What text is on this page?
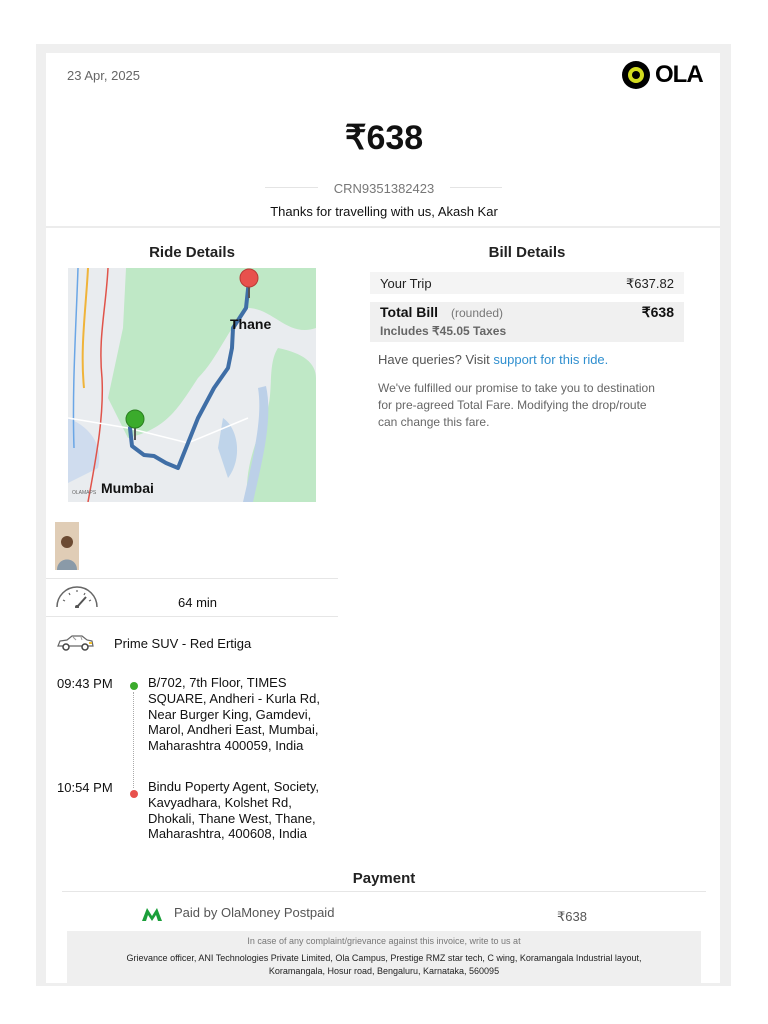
23 Apr, 2025	OLA
₹638
CRN9351382423
Thanks for travelling with us, Akash Kar
Ride Details
Thane
Mumbai
OLAMAPS
64 min
Prime SUV - Red Ertiga
09:43 PM	B/702, 7th Floor, TIMES SQUARE, Andheri - Kurla Rd, Near Burger King, Gamdevi, Marol, Andheri East, Mumbai, Maharashtra 400059, India
10:54 PM	Bindu Poperty Agent, Society, Kavyadhara, Kolshet Rd, Dhokali, Thane West, Thane, Maharashtra, 400608, India
Bill Details
Your Trip	₹637.82
Total Bill (rounded)	₹638
Includes ₹45.05 Taxes
Have queries? Visit support for this ride.
We've fulfilled our promise to take you to destination for pre-agreed Total Fare. Modifying the drop/route can change this fare.
Payment
Paid by OlaMoney Postpaid	₹638
In case of any complaint/grievance against this invoice, write to us at
Grievance officer, ANI Technologies Private Limited, Ola Campus, Prestige RMZ star tech, C wing, Koramangala Industrial layout, Koramangala, Hosur road, Bengaluru, Karnataka, 560095
